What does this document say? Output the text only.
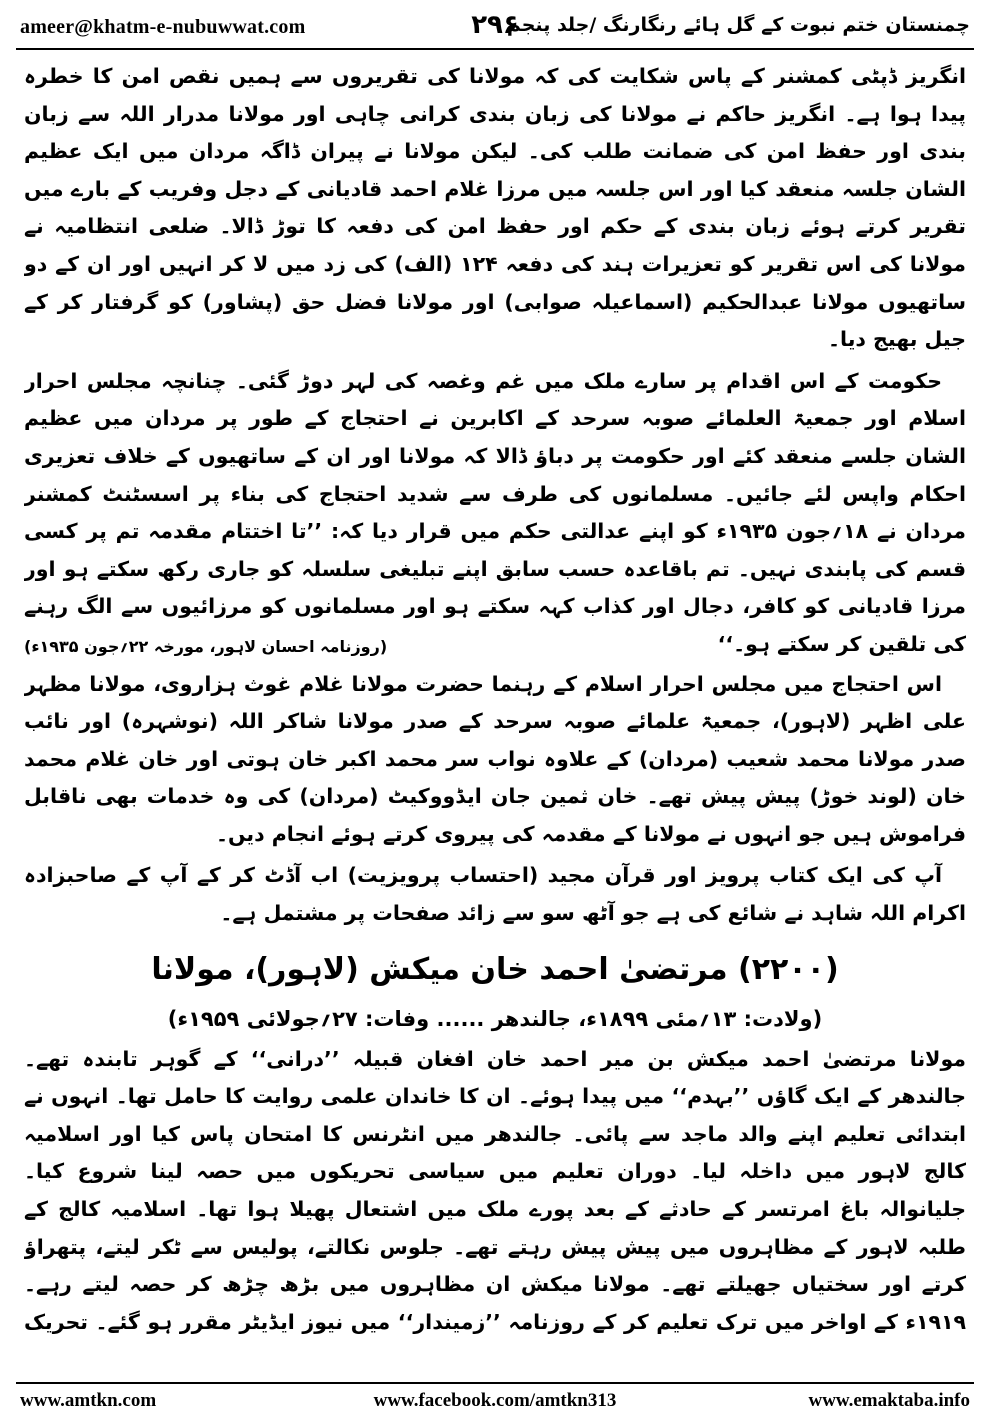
ameer@khatm-e-nubuwwat.com	۲۹۶
چمنستان ختم نبوت کے گل ہائے رنگارنگ /جلد پنجم

انگریز ڈپٹی کمشنر کے پاس شکایت کی کہ مولانا کی تقریروں سے ہمیں نقص امن کا خطرہ پیدا ہوا ہے۔ انگریز حاکم نے مولانا کی زبان بندی کرانی چاہی اور مولانا مدرار اللہ سے زبان بندی اور حفظ امن کی ضمانت طلب کی۔ لیکن مولانا نے پیران ڈاگہ مردان میں ایک عظیم الشان جلسہ منعقد کیا اور اس جلسہ میں مرزا غلام احمد قادیانی کے دجل وفریب کے بارے میں تقریر کرتے ہوئے زبان بندی کے حکم اور حفظ امن کی دفعہ کا توڑ ڈالا۔ ضلعی انتظامیہ نے مولانا کی اس تقریر کو تعزیرات ہند کی دفعہ ۱۲۴ (الف) کی زد میں لا کر انہیں اور ان کے دو ساتھیوں مولانا عبدالحکیم (اسماعیلہ صوابی) اور مولانا فضل حق (پشاور) کو گرفتار کر کے جیل بھیج دیا۔

حکومت کے اس اقدام پر سارے ملک میں غم وغصہ کی لہر دوڑ گئی۔ چنانچہ مجلس احرار اسلام اور جمعیۃ العلمائے صوبہ سرحد کے اکابرین نے احتجاج کے طور پر مردان میں عظیم الشان جلسے منعقد کئے اور حکومت پر دباؤ ڈالا کہ مولانا اور ان کے ساتھیوں کے خلاف تعزیری احکام واپس لئے جائیں۔ مسلمانوں کی طرف سے شدید احتجاج کی بناء پر اسسٹنٹ کمشنر مردان نے ۱۸؍جون ۱۹۳۵ء کو اپنے عدالتی حکم میں قرار دیا کہ: ’’تا اختتام مقدمہ تم پر کسی قسم کی پابندی نہیں۔ تم باقاعدہ حسب سابق اپنے تبلیغی سلسلہ کو جاری رکھ سکتے ہو اور مرزا قادیانی کو کافر، دجال اور کذاب کہہ سکتے ہو اور مسلمانوں کو مرزائیوں سے الگ رہنے کی تلقین کر سکتے ہو۔‘‘
(روزنامہ احسان لاہور، مورخہ ۲۲؍جون ۱۹۳۵ء)

اس احتجاج میں مجلس احرار اسلام کے رہنما حضرت مولانا غلام غوث ہزاروی، مولانا مظہر علی اظہر (لاہور)، جمعیۃ علمائے صوبہ سرحد کے صدر مولانا شاکر اللہ (نوشہرہ) اور نائب صدر مولانا محمد شعیب (مردان) کے علاوہ نواب سر محمد اکبر خان ہوتی اور خان غلام محمد خان (لوند خوڑ) پیش پیش تھے۔ خان ثمین جان ایڈووکیٹ (مردان) کی وہ خدمات بھی ناقابل فراموش ہیں جو انہوں نے مولانا کے مقدمہ کی پیروی کرتے ہوئے انجام دیں۔

آپ کی ایک کتاب پرویز اور قرآن مجید (احتساب پرویزیت) اب آڈٹ کر کے آپ کے صاحبزادہ اکرام اللہ شاہد نے شائع کی ہے جو آٹھ سو سے زائد صفحات پر مشتمل ہے۔

(۲۲۰۰) مرتضیٰ احمد خان میکش (لاہور)، مولانا
(ولادت: ۱۳؍مئی ۱۸۹۹ء، جالندھر ...... وفات: ۲۷؍جولائی ۱۹۵۹ء)

مولانا مرتضیٰ احمد میکش بن میر احمد خان افغان قبیلہ ’’درانی‘‘ کے گوہر تابندہ تھے۔ جالندھر کے ایک گاؤں ’’بہدم‘‘ میں پیدا ہوئے۔ ان کا خاندان علمی روایت کا حامل تھا۔ انہوں نے ابتدائی تعلیم اپنے والد ماجد سے پائی۔ جالندھر میں انٹرنس کا امتحان پاس کیا اور اسلامیہ کالج لاہور میں داخلہ لیا۔ دوران تعلیم میں سیاسی تحریکوں میں حصہ لینا شروع کیا۔ جلیانوالہ باغ امرتسر کے حادثے کے بعد پورے ملک میں اشتعال پھیلا ہوا تھا۔ اسلامیہ کالج کے طلبہ لاہور کے مظاہروں میں پیش پیش رہتے تھے۔ جلوس نکالتے، پولیس سے ٹکر لیتے، پتھراؤ کرتے اور سختیاں جھیلتے تھے۔ مولانا میکش ان مظاہروں میں بڑھ چڑھ کر حصہ لیتے رہے۔ ۱۹۱۹ء کے اواخر میں ترک تعلیم کر کے روزنامہ ’’زمیندار‘‘ میں نیوز ایڈیٹر مقرر ہو گئے۔ تحریک

www.amtkn.com	www.facebook.com/amtkn313	www.emaktaba.info
